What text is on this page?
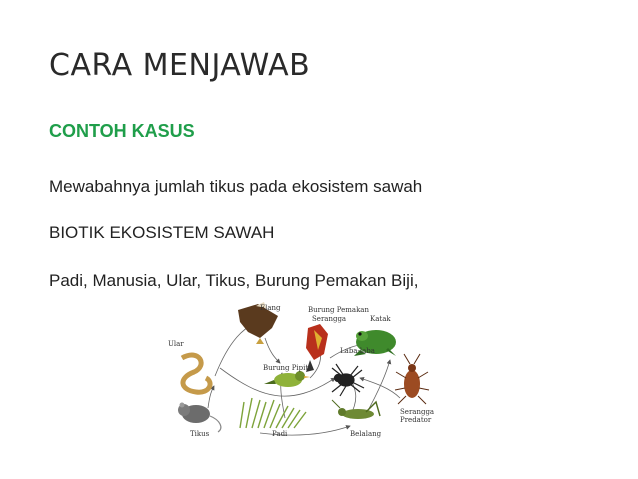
CARA MENJAWAB
CONTOH KASUS
Mewabahnya jumlah tikus pada ekosistem sawah
BIOTIK EKOSISTEM SAWAH
Padi, Manusia, Ular, Tikus, Burung Pemakan Biji,
Elang	Burung Pemakan
Serangga	Katak
Ular
Laba-laba
Burung Pipit
Serangga
Predator
Tikus	Padi	Belalang
